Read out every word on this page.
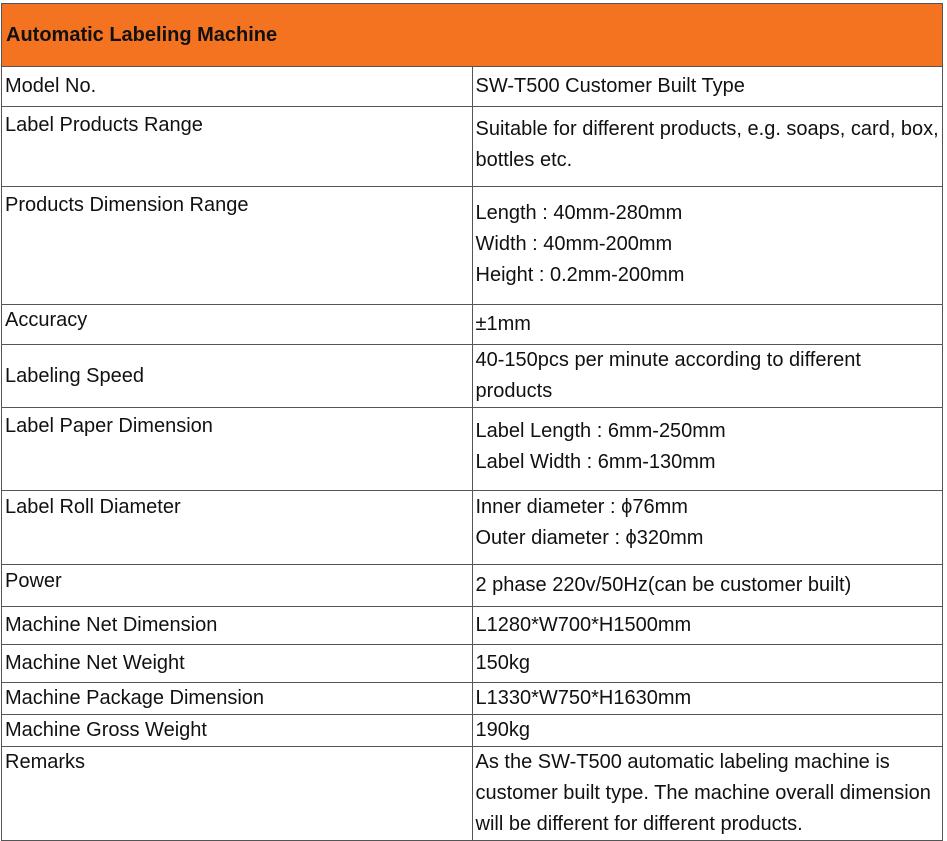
Automatic Labeling Machine	
Model No.	SW-T500 Customer Built Type

Label Products Range	Suitable for different products, e.g. soaps, card, box,
bottles etc.

Products Dimension Range	Length : 40mm-280mm
Width : 40mm-200mm
Height : 0.2mm-200mm

Accuracy	±1mm

Labeling Speed	40-150pcs per minute according to different products

Label Paper Dimension	Label Length : 6mm-250mm
Label Width : 6mm-130mm

Label Roll Diameter	Inner diameter : ϕ76mm
Outer diameter : ϕ320mm

Power	2 phase 220v/50Hz(can be customer built)

Machine Net Dimension	L1280*W700*H1500mm

Machine Net Weight	150kg

Machine Package Dimension	L1330*W750*H1630mm

Machine Gross Weight	190kg

Remarks	As the SW-T500 automatic labeling machine is
customer built type. The machine overall dimension
will be different for different products.
